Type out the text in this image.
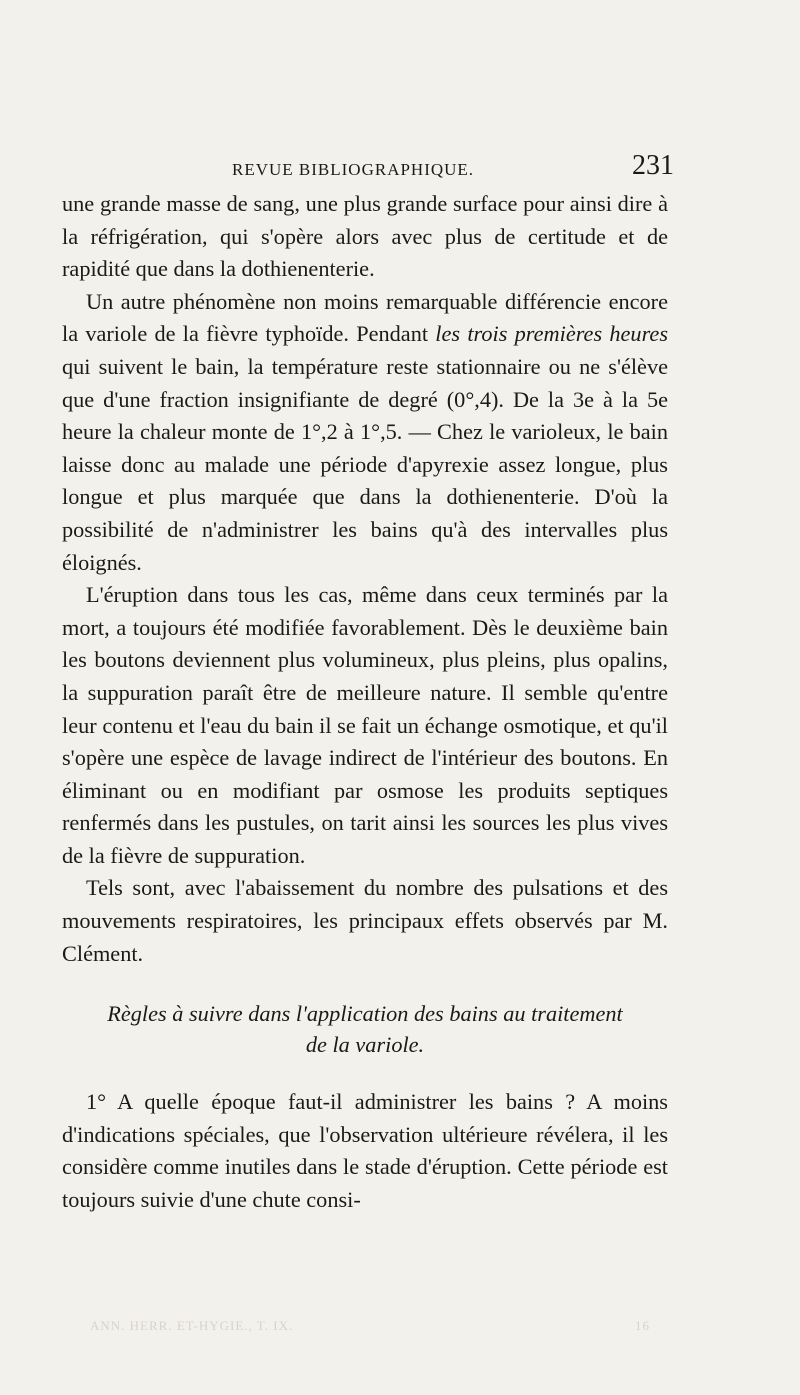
REVUE BIBLIOGRAPHIQUE.	231

une grande masse de sang, une plus grande surface pour ainsi dire à la réfrigération, qui s'opère alors avec plus de certitude et de rapidité que dans la dothienenterie.

Un autre phénomène non moins remarquable différencie encore la variole de la fièvre typhoïde. Pendant les trois premières heures qui suivent le bain, la température reste stationnaire ou ne s'élève que d'une fraction insignifiante de degré (0°,4). De la 3e à la 5e heure la chaleur monte de 1°,2 à 1°,5. — Chez le varioleux, le bain laisse donc au malade une période d'apyrexie assez longue, plus longue et plus marquée que dans la dothienenterie. D'où la possibilité de n'administrer les bains qu'à des intervalles plus éloignés.

L'éruption dans tous les cas, même dans ceux terminés par la mort, a toujours été modifiée favorablement. Dès le deuxième bain les boutons deviennent plus volumineux, plus pleins, plus opalins, la suppuration paraît être de meilleure nature. Il semble qu'entre leur contenu et l'eau du bain il se fait un échange osmotique, et qu'il s'opère une espèce de lavage indirect de l'intérieur des boutons. En éliminant ou en modifiant par osmose les produits septiques renfermés dans les pustules, on tarit ainsi les sources les plus vives de la fièvre de suppuration.

Tels sont, avec l'abaissement du nombre des pulsations et des mouvements respiratoires, les principaux effets observés par M. Clément.

Règles à suivre dans l'application des bains au traitement
de la variole.

1° A quelle époque faut-il administrer les bains ? A moins d'indications spéciales, que l'observation ultérieure révélera, il les considère comme inutiles dans le stade d'éruption. Cette période est toujours suivie d'une chute consi-

ANN. HERR. ET-HYGIE., T. IX.	16
